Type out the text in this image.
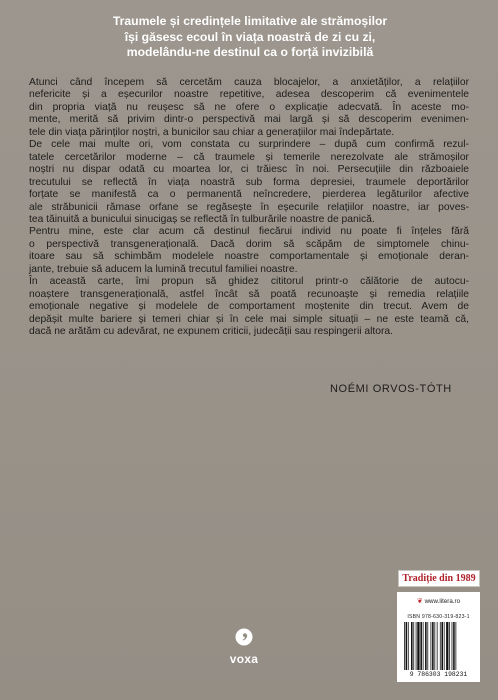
Traumele și credințele limitative ale strămoșilor
își găsesc ecoul în viața noastră de zi cu zi,
modelându-ne destinul ca o forță invizibilă

Atunci când începem să cercetăm cauza blocajelor, a anxietăților, a relațiilor
nefericite și a eșecurilor noastre repetitive, adesea descoperim că evenimentele
din propria viață nu reușesc să ne ofere o explicație adecvată. În aceste mo-
mente, merită să privim dintr-o perspectivă mai largă și să descoperim evenimen-
tele din viața părinților noștri, a bunicilor sau chiar a generațiilor mai îndepărtate.

De cele mai multe ori, vom constata cu surprindere – după cum confirmă rezul-
tatele cercetărilor moderne – că traumele și temerile nerezolvate ale strămoșilor
noștri nu dispar odată cu moartea lor, ci trăiesc în noi. Persecuțiile din războaiele
trecutului se reflectă în viața noastră sub forma depresiei, traumele deportărilor
forțate se manifestă ca o permanentă neîncredere, pierderea legăturilor afective
ale străbunicii rămase orfane se regăsește în eșecurile relațiilor noastre, iar poves-
tea tăinuită a bunicului sinucigaș se reflectă în tulburările noastre de panică.

Pentru mine, este clar acum că destinul fiecărui individ nu poate fi înțeles fără
o perspectivă transgenerațională. Dacă dorim să scăpăm de simptomele chinu-
itoare sau să schimbăm modelele noastre comportamentale și emoționale deran-
jante, trebuie să aducem la lumină trecutul familiei noastre.

În această carte, îmi propun să ghidez cititorul printr-o călătorie de autocu-
noaștere transgenerațională, astfel încât să poată recunoaște și remedia relațiile
emoționale negative și modelele de comportament moștenite din trecut. Avem de
depășit multe bariere și temeri chiar și în cele mai simple situații – ne este teamă că,
dacă ne arătăm cu adevărat, ne expunem criticii, judecății sau respingerii altora.

NOÉMI ORVOS-TÓTH
Tradiție din 1989
❦ www.litera.ro
ISBN 978-630-319-823-1
9 786303 198231
voxa
